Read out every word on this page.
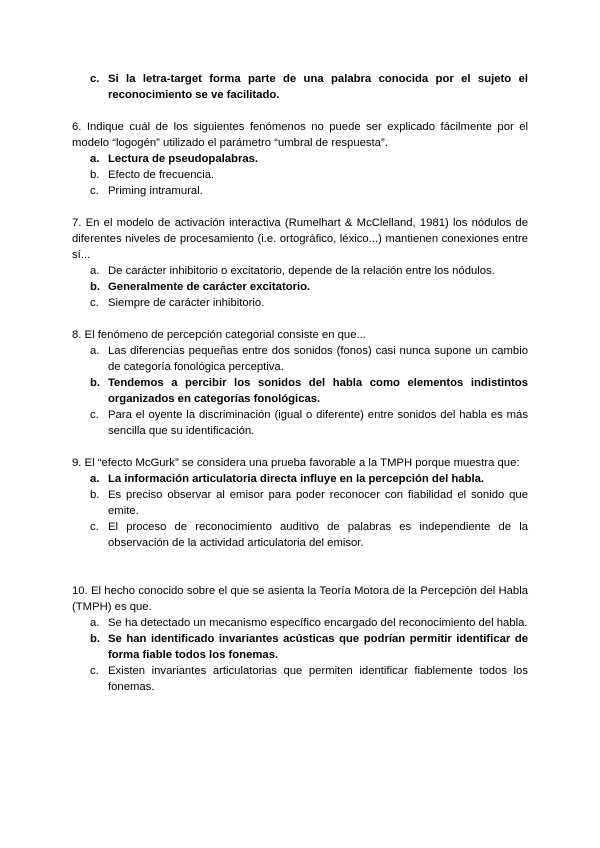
c. Si la letra-target forma parte de una palabra conocida por el sujeto el reconocimiento se ve facilitado.

6. Indique cuál de los siguientes fenómenos no puede ser explicado fácilmente por el modelo “logogén” utilizado el parámetro “umbral de respuesta”.

a. Lectura de pseudopalabras.
b. Efecto de frecuencia.
c. Priming intramural.

7. En el modelo de activación interactiva (Rumelhart & McClelland, 1981) los nódulos de diferentes niveles de procesamiento (i.e. ortográfico, léxico...) mantienen conexiones entre sí...

a. De carácter inhibitorio o excitatorio, depende de la relación entre los nódulos.
b. Generalmente de carácter excitatorio.
c. Siempre de carácter inhibitorio.

8. El fenómeno de percepción categorial consiste en que...

a. Las diferencias pequeñas entre dos sonidos (fonos) casi nunca supone un cambio de categoría fonológica perceptiva.
b. Tendemos a percibir los sonidos del habla como elementos indistintos organizados en categorías fonológicas.
c. Para el oyente la discriminación (igual o diferente) entre sonidos del habla es más sencilla que su identificación.

9. El “efecto McGurk” se considera una prueba favorable a la TMPH porque muestra que:

a. La información articulatoria directa influye en la percepción del habla.
b. Es preciso observar al emisor para poder reconocer con fiabilidad el sonido que emite.
c. El proceso de reconocimiento auditivo de palabras es independiente de la observación de la actividad articulatoria del emisor.

10. El hecho conocido sobre el que se asienta la Teoría Motora de la Percepción del Habla (TMPH) es que.

a. Se ha detectado un mecanismo específico encargado del reconocimiento del habla.
b. Se han identificado invariantes acústicas que podrían permitir identificar de forma fiable todos los fonemas.
c. Existen invariantes articulatorias que permiten identificar fiablemente todos los fonemas.
